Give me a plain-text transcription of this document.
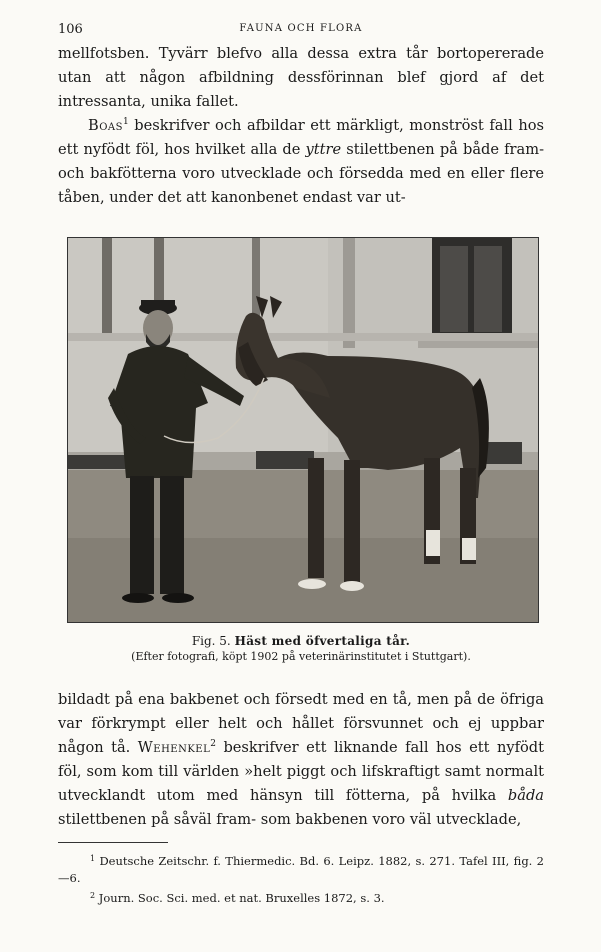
106	FAUNA OCH FLORA

mellfotsben. Tyvärr blefvo alla dessa extra tår bortopererade utan att någon afbildning dessförinnan blef gjord af det intressanta, unika fallet.

Boas$^1$ beskrifver och afbildar ett märkligt, monströst fall hos ett nyfödt föl, hos hvilket alla de yttre stilettbenen på både fram- och bakfötterna voro utvecklade och försedda med en eller flere tåben, under det att kanonbenet endast var ut-

Fig. 5. Häst med öfvertaliga tår.
(Efter fotografi, köpt 1902 på veterinärinstitutet i Stuttgart).

bildadt på ena bakbenet och försedt med en tå, men på de öfriga var förkrympt eller helt och hållet försvunnet och ej uppbar någon tå. Wehenkel$^2$ beskrifver ett liknande fall hos ett nyfödt föl, som kom till världen »helt piggt och lifskraftigt samt normalt utvecklandt utom med hänsyn till fötterna, på hvilka båda stilettbenen på såväl fram- som bakbenen voro väl utvecklade,

$^1$ Deutsche Zeitschr. f. Thiermedic. Bd. 6. Leipz. 1882, s. 271. Tafel III, fig. 2—6.

$^2$ Journ. Soc. Sci. med. et nat. Bruxelles 1872, s. 3.
